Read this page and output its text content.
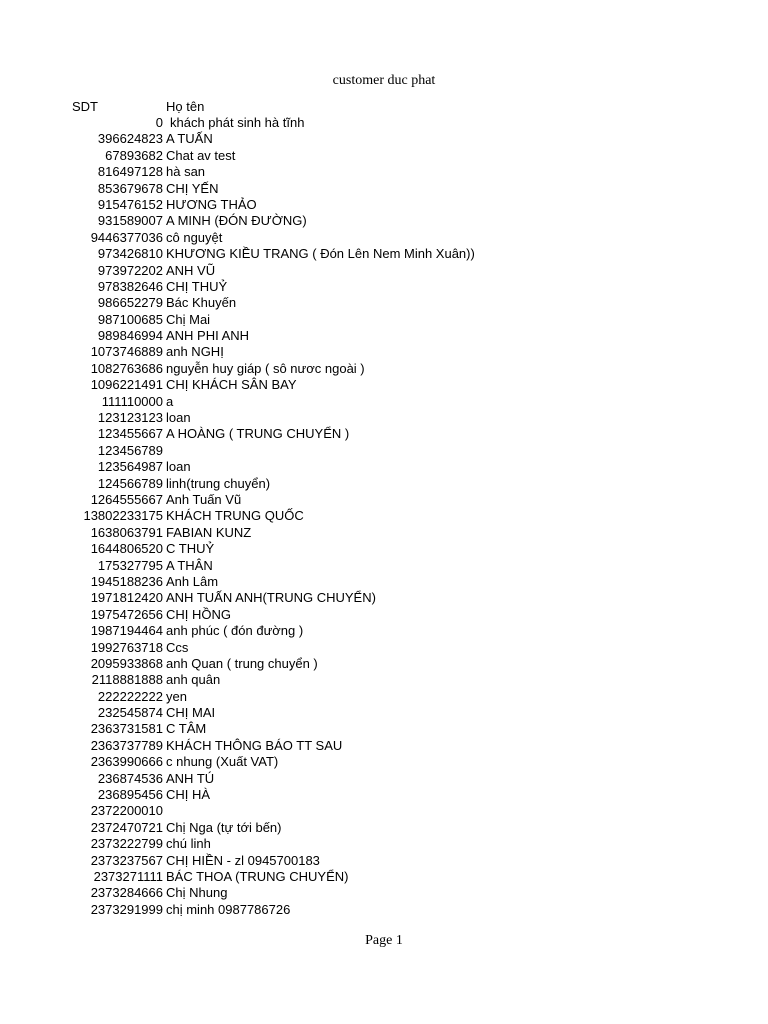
customer duc phat
SDT	Họ tên
0 khách phát sinh hà tĩnh
396624823 A TUẤN
67893682 Chat av test
816497128 hà san
853679678 CHỊ YẾN
915476152 HƯƠNG THẢO
931589007 A MINH (ĐÓN ĐƯỜNG)
9446377036 cô nguyệt
973426810 KHƯƠNG KIỀU TRANG ( Đón Lên Nem Minh Xuân))
973972202 ANH VŨ
978382646 CHỊ THUỶ
986652279 Bác Khuyến
987100685 Chị Mai
989846994 ANH PHI ANH
1073746889 anh NGHỊ
1082763686 nguyễn huy giáp ( sô nươc ngoài )
1096221491 CHỊ KHÁCH SÂN BAY
111110000 a
123123123 loan
123455667 A HOÀNG ( TRUNG CHUYỂN )
123456789
123564987 loan
124566789 linh(trung chuyển)
1264555667 Anh Tuấn Vũ
13802233175 KHÁCH TRUNG QUỐC
1638063791 FABIAN KUNZ
1644806520 C THUỶ
175327795 A THÂN
1945188236 Anh Lâm
1971812420 ANH TUẤN ANH(TRUNG CHUYỂN)
1975472656 CHỊ HỒNG
1987194464 anh phúc ( đón đường )
1992763718 Ccs
2095933868 anh Quan ( trung chuyển )
2118881888 anh quân
222222222 yen
232545874 CHỊ MAI
2363731581 C TÂM
2363737789 KHÁCH THÔNG BÁO TT SAU
2363990666 c nhung (Xuất VAT)
236874536 ANH TÚ
236895456 CHỊ HÀ
2372200010
2372470721 Chị Nga (tự tới bến)
2373222799 chú linh
2373237567 CHỊ HIỀN - zl 0945700183
2373271111 BÁC THOA (TRUNG CHUYỂN)
2373284666 Chị Nhung
2373291999 chị minh 0987786726
Page 1
